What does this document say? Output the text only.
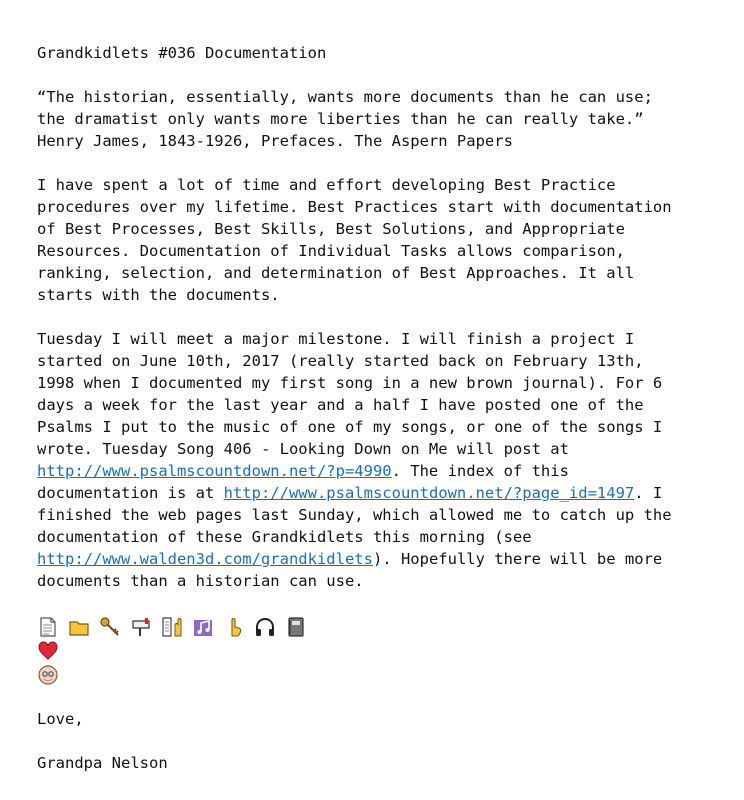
Grandkidlets #036 Documentation
“The historian, essentially, wants more documents than he can use;
the dramatist only wants more liberties than he can really take.”
Henry James, 1843-1926, Prefaces. The Aspern Papers
I have spent a lot of time and effort developing Best Practice
procedures over my lifetime. Best Practices start with documentation
of Best Processes, Best Skills, Best Solutions, and Appropriate
Resources. Documentation of Individual Tasks allows comparison,
ranking, selection, and determination of Best Approaches. It all
starts with the documents.
Tuesday I will meet a major milestone. I will finish a project I
started on June 10th, 2017 (really started back on February 13th,
1998 when I documented my first song in a new brown journal). For 6
days a week for the last year and a half I have posted one of the
Psalms I put to the music of one of my songs, or one of the songs I
wrote. Tuesday Song 406 - Looking Down on Me will post at
http://www.psalmscountdown.net/?p=4990. The index of this
documentation is at http://www.psalmscountdown.net/?page_id=1497. I
finished the web pages last Sunday, which allowed me to catch up the
documentation of these Grandkidlets this morning (see
http://www.walden3d.com/grandkidlets). Hopefully there will be more
documents than a historian can use.
Love,
Grandpa Nelson
